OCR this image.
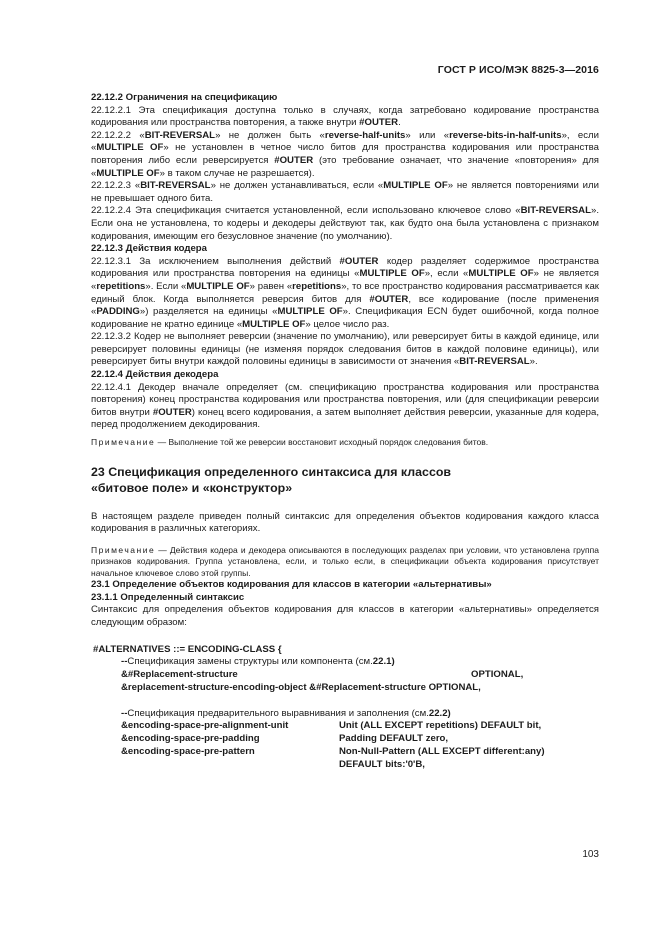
ГОСТ Р ИСО/МЭК 8825-3—2016

22.12.2 Ограничения на спецификацию

22.12.2.1 Эта спецификация доступна только в случаях, когда затребовано кодирование пространства кодирования или пространства повторения, а также внутри #OUTER.

22.12.2.2 «BIT-REVERSAL» не должен быть «reverse-half-units» или «reverse-bits-in-half-units», если «MULTIPLE OF» не установлен в четное число битов для пространства кодирования или пространства повторения либо если реверсируется #OUTER (это требование означает, что значение «повторения» для «MULTIPLE OF» в таком случае не разрешается).

22.12.2.3 «BIT-REVERSAL» не должен устанавливаться, если «MULTIPLE OF» не является повторениями или не превышает одного бита.

22.12.2.4 Эта спецификация считается установленной, если использовано ключевое слово «BIT-REVERSAL». Если она не установлена, то кодеры и декодеры действуют так, как будто она была установлена с признаком кодирования, имеющим его безусловное значение (по умолчанию).

22.12.3 Действия кодера

22.12.3.1 За исключением выполнения действий #OUTER кодер разделяет содержимое пространства кодирования или пространства повторения на единицы «MULTIPLE OF», если «MULTIPLE OF» не является «repetitions». Если «MULTIPLE OF» равен «repetitions», то все пространство кодирования рассматривается как единый блок. Когда выполняется реверсия битов для #OUTER, все кодирование (после применения «PADDING») разделяется на единицы «MULTIPLE OF». Спецификация ECN будет ошибочной, когда полное кодирование не кратно единице «MULTIPLE OF» целое число раз.

22.12.3.2 Кодер не выполняет реверсии (значение по умолчанию), или реверсирует биты в каждой единице, или реверсирует половины единицы (не изменяя порядок следования битов в каждой половине единицы), или реверсирует биты внутри каждой половины единицы в зависимости от значения «BIT-REVERSAL».

22.12.4 Действия декодера

22.12.4.1 Декодер вначале определяет (см. спецификацию пространства кодирования или пространства повторения) конец пространства кодирования или пространства повторения, или (для спецификации реверсии битов внутри #OUTER) конец всего кодирования, а затем выполняет действия реверсии, указанные для кодера, перед продолжением декодирования.

Примечание — Выполнение той же реверсии восстановит исходный порядок следования битов.

23 Спецификация определенного синтаксиса для классов
«битовое поле» и «конструктор»

В настоящем разделе приведен полный синтаксис для определения объектов кодирования каждого класса кодирования в различных категориях.

Примечание — Действия кодера и декодера описываются в последующих разделах при условии, что установлена группа признаков кодирования. Группа установлена, если, и только если, в спецификации объекта кодирования присутствует начальное ключевое слово этой группы.

23.1 Определение объектов кодирования для классов в категории «альтернативы»

23.1.1 Определенный синтаксис

Синтаксис для определения объектов кодирования для классов в категории «альтернативы» определяется следующим образом:

#ALTERNATIVES ::= ENCODING-CLASS {
-- Спецификация замены структуры или компонента ( см. 22.1)
&#Replacement-structure	OPTIONAL,
&replacement-structure-encoding-object &#Replacement-structure OPTIONAL,
-- Спецификация предварительного выравнивания и заполнения ( см. 22.2)
&encoding-space-pre-alignment-unit	Unit (ALL EXCEPT repetitions) DEFAULT bit,
&encoding-space-pre-padding	Padding DEFAULT zero,
&encoding-space-pre-pattern	Non-Null-Pattern (ALL EXCEPT different:any)
DEFAULT bits:'0'B,
103
